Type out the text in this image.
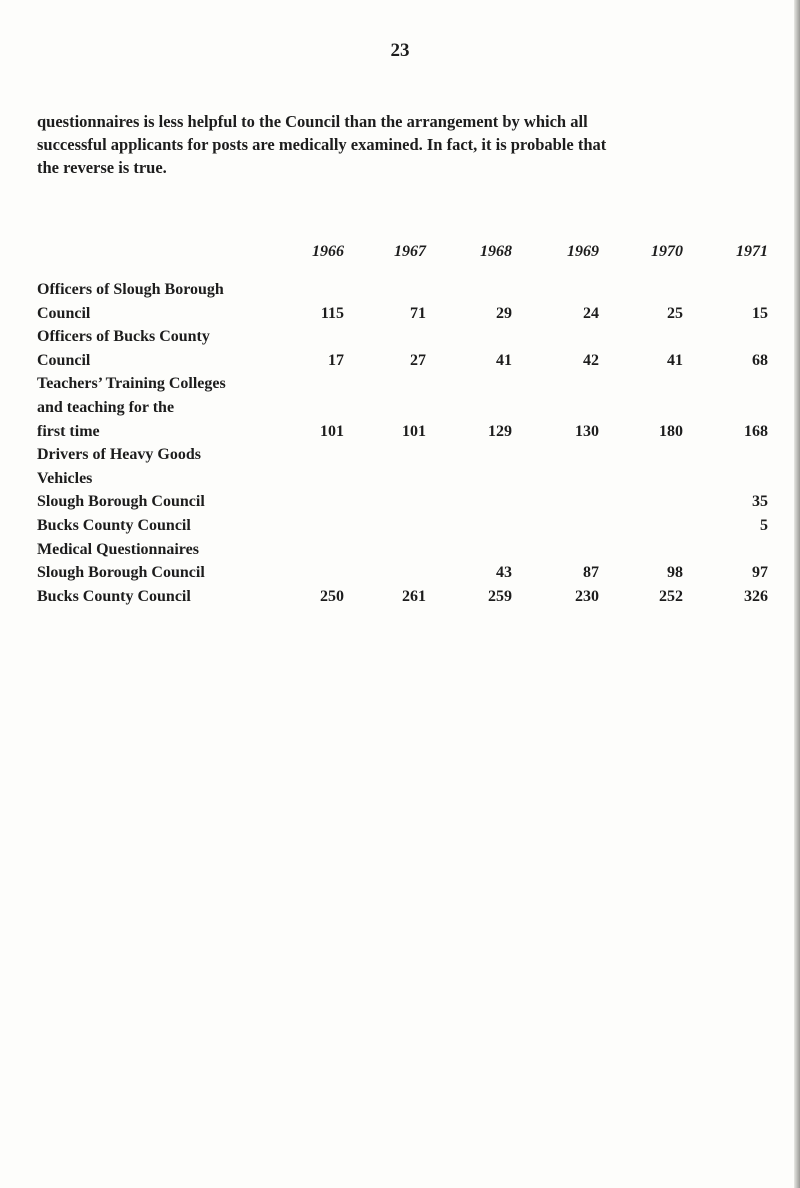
23

questionnaires is less helpful to the Council than the arrangement by which all
successful applicants for posts are medically examined. In fact, it is probable that
the reverse is true.

	1966	1967	1968	1969	1970	1971
Officers of Slough Borough						
Council	115	71	29	24	25	15
Officers of Bucks County						
Council	17	27	41	42	41	68
Teachers’ Training Colleges						
and teaching for the						
first time	101	101	129	130	180	168
Drivers of Heavy Goods						
Vehicles						
Slough Borough Council						35
Bucks County Council						5
Medical Questionnaires						
Slough Borough Council			43	87	98	97
Bucks County Council	250	261	259	230	252	326
